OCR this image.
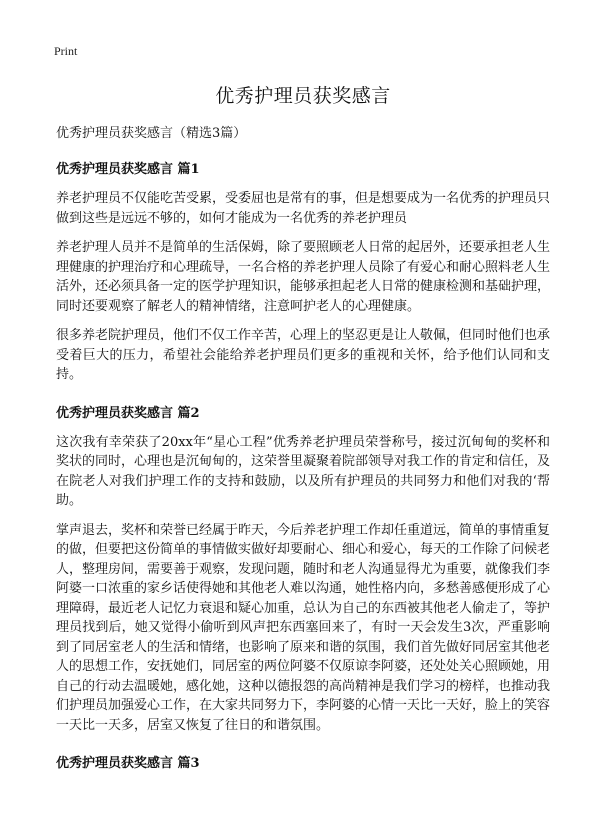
Print
优秀护理员获奖感言

优秀护理员获奖感言（精选3篇）

优秀护理员获奖感言 篇1

养老护理员不仅能吃苦受累，受委屈也是常有的事，但是想要成为一名优秀的护理员只做到这些是远远不够的，如何才能成为一名优秀的养老护理员

养老护理人员并不是简单的生活保姆，除了要照顾老人日常的起居外，还要承担老人生理健康的护理治疗和心理疏导，一名合格的养老护理人员除了有爱心和耐心照料老人生活外，还必须具备一定的医学护理知识，能够承担起老人日常的健康检测和基础护理，同时还要观察了解老人的精神情绪，注意呵护老人的心理健康。

很多养老院护理员，他们不仅工作辛苦，心理上的坚忍更是让人敬佩，但同时他们也承受着巨大的压力，希望社会能给养老护理员们更多的重视和关怀，给予他们认同和支持。

优秀护理员获奖感言 篇2

这次我有幸荣获了20xx年“星心工程”优秀养老护理员荣誉称号，接过沉甸甸的奖杯和奖状的同时，心理也是沉甸甸的，这荣誉里凝聚着院部领导对我工作的肯定和信任，及在院老人对我们护理工作的支持和鼓励，以及所有护理员的共同努力和他们对我的‘帮助。

掌声退去，奖杯和荣誉已经属于昨天，今后养老护理工作却任重道远，简单的事情重复的做，但要把这份简单的事情做实做好却要耐心、细心和爱心，每天的工作除了问候老人，整理房间，需要善于观察，发现问题，随时和老人沟通显得尤为重要，就像我们李阿婆一口浓重的家乡话使得她和其他老人难以沟通，她性格内向，多愁善感便形成了心理障碍，最近老人记忆力衰退和疑心加重，总认为自己的东西被其他老人偷走了，等护理员找到后，她又觉得小偷听到风声把东西塞回来了，有时一天会发生3次，严重影响到了同居室老人的生活和情绪，也影响了原来和谐的氛围，我们首先做好同居室其他老人的思想工作，安抚她们，同居室的两位阿婆不仅原谅李阿婆，还处处关心照顾她，用自己的行动去温暖她，感化她，这种以德报怨的高尚精神是我们学习的榜样，也推动我们护理员加强爱心工作，在大家共同努力下，李阿婆的心情一天比一天好，脸上的笑容一天比一天多，居室又恢复了往日的和谐氛围。

优秀护理员获奖感言 篇3
